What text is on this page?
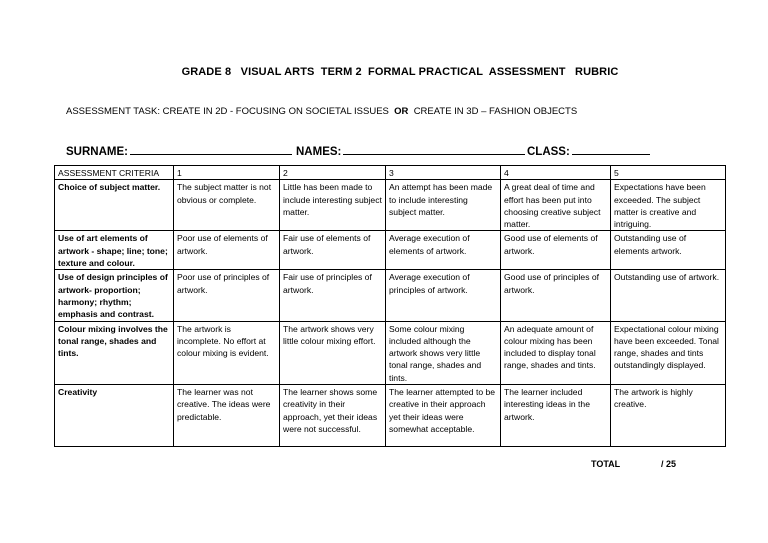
GRADE 8 VISUAL ARTS  TERM 2  FORMAL PRACTICAL  ASSESSMENT   RUBRIC
ASSESSMENT TASK: CREATE IN 2D - FOCUSING ON SOCIETAL ISSUES  OR  CREATE IN 3D – FASHION OBJECTS
SURNAME:	NAMES:	CLASS:
ASSESSMENT CRITERIA	1	2	3	4	5
Choice of subject matter.	The subject matter is not obvious or complete.	Little has been made to include interesting subject matter.	An attempt has been made to include interesting subject matter.	A great deal of time and effort has been put into choosing creative subject matter.	Expectations have been exceeded. The subject matter is creative and intriguing.
Use of art elements of artwork - shape; line; tone; texture and colour.	Poor use of elements of artwork.	Fair use of elements of artwork.	Average execution of elements of artwork.	Good use of elements of artwork.	Outstanding use of elements artwork.
Use of design principles of artwork- proportion; harmony; rhythm; emphasis and contrast.	Poor use of principles of artwork.	Fair use of principles of artwork.	Average execution of principles of artwork.	Good use of principles of artwork.	Outstanding use of artwork.
Colour mixing involves the tonal range, shades and tints.	The artwork is incomplete. No effort at colour mixing is evident.	The artwork shows very little colour mixing effort.	Some colour mixing included although the artwork shows very little tonal range, shades and tints.	An adequate amount of colour mixing has been included to display tonal range, shades and tints.	Expectational colour mixing have been exceeded. Tonal range, shades and tints outstandingly displayed.
Creativity	The learner was not creative. The ideas were predictable.	The learner shows some creativity in their approach, yet their ideas were not successful.	The learner attempted to be creative in their approach yet their ideas were somewhat acceptable.	The learner included interesting ideas in the artwork.	The artwork is highly creative.
TOTAL	/ 25
